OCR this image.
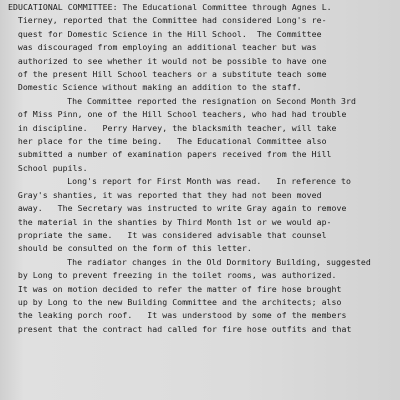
EDUCATIONAL COMMITTEE: The Educational Committee through Agnes L.
Tierney, reported that the Committee had considered Long's re-
quest for Domestic Science in the Hill School.  The Committee
was discouraged from employing an additional teacher but was
authorized to see whether it would not be possible to have one
of the present Hill School teachers or a substitute teach some
Domestic Science without making an addition to the staff.
The Committee reported the resignation on Second Month 3rd
of Miss Pinn, one of the Hill School teachers, who had had trouble
in discipline.   Perry Harvey, the blacksmith teacher, will take
her place for the time being.   The Educational Committee also
submitted a number of examination papers received from the Hill
School pupils.
Long's report for First Month was read.   In reference to
Gray's shanties, it was reported that they had not been moved
away.   The Secretary was instructed to write Gray again to remove
the material in the shanties by Third Month 1st or we would ap-
propriate the same.   It was considered advisable that counsel
should be consulted on the form of this letter.
The radiator changes in the Old Dormitory Building, suggested
by Long to prevent freezing in the toilet rooms, was authorized.
It was on motion decided to refer the matter of fire hose brought
up by Long to the new Building Committee and the architects; also
the leaking porch roof.   It was understood by some of the members
present that the contract had called for fire hose outfits and that
